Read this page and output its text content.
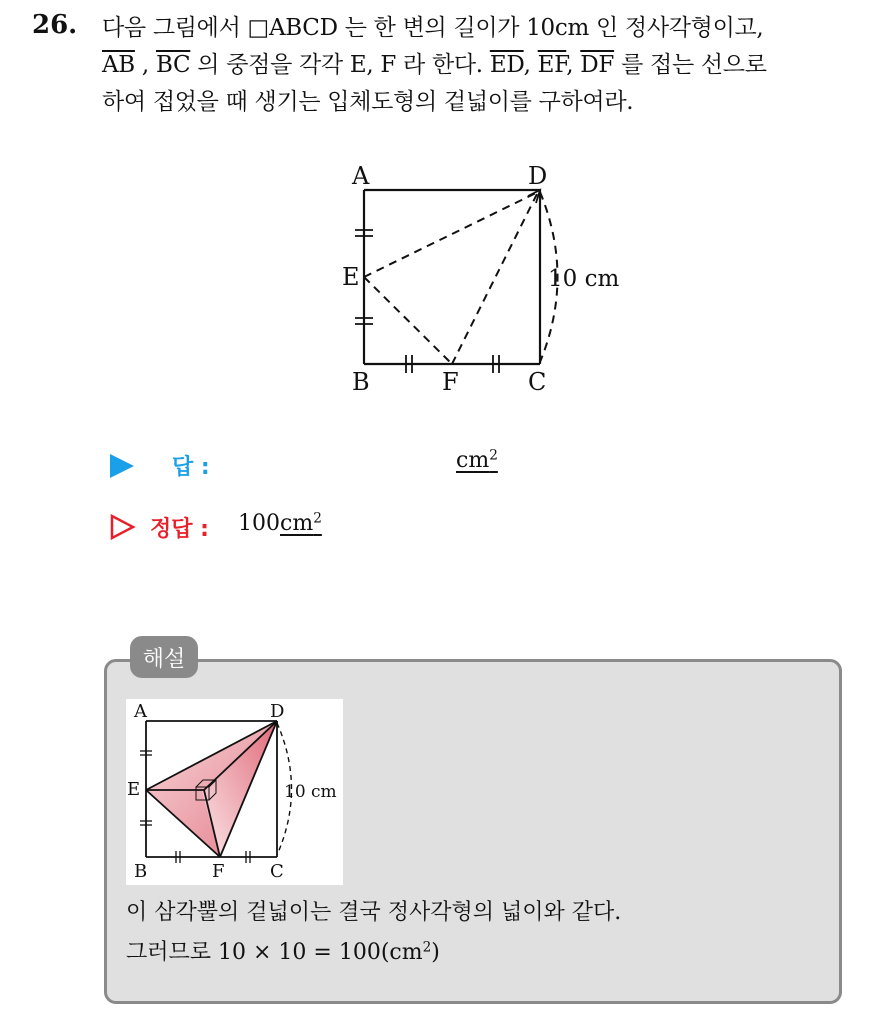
26. 다음 그림에서 □ABCD 는 한 변의 길이가 10cm 인 정사각형이고,
$\overline{AB}$ , $\overline{BC}$ 의 중점을 각각 E, F 라 한다. $\overline{ED}$, $\overline{EF}$, $\overline{DF}$ 를 접는 선으로
하여 접었을 때 생기는 입체도형의 겉넓이를 구하여라.
A	D
E
B	F	C
10 cm
답 :	$cm^2$
정답 : $100cm^2$
해설
A	D
E
B	F	C
10 cm
이 삼각뿔의 겉넓이는 결국 정사각형의 넓이와 같다.
그러므로 $10 \times 10 = 100(cm^2)$
